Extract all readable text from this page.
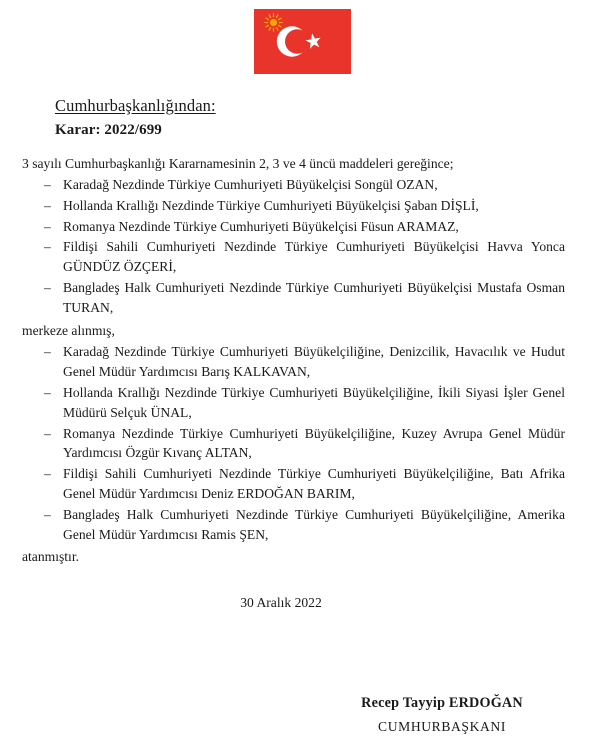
Cumhurbaşkanlığından:
Karar: 2022/699
3 sayılı Cumhurbaşkanlığı Kararnamesinin 2, 3 ve 4 üncü maddeleri gereğince;
– Karadağ Nezdinde Türkiye Cumhuriyeti Büyükelçisi Songül OZAN,
– Hollanda Krallığı Nezdinde Türkiye Cumhuriyeti Büyükelçisi Şaban DİŞLİ,
– Romanya Nezdinde Türkiye Cumhuriyeti Büyükelçisi Füsun ARAMAZ,
– Fildişi Sahili Cumhuriyeti Nezdinde Türkiye Cumhuriyeti Büyükelçisi Havva Yonca GÜNDÜZ ÖZÇERİ,
– Bangladeş Halk Cumhuriyeti Nezdinde Türkiye Cumhuriyeti Büyükelçisi Mustafa Osman TURAN,
merkeze alınmış,
– Karadağ Nezdinde Türkiye Cumhuriyeti Büyükelçiliğine, Denizcilik, Havacılık ve Hudut Genel Müdür Yardımcısı Barış KALKAVAN,
– Hollanda Krallığı Nezdinde Türkiye Cumhuriyeti Büyükelçiliğine, İkili Siyasi İşler Genel Müdürü Selçuk ÜNAL,
– Romanya Nezdinde Türkiye Cumhuriyeti Büyükelçiliğine, Kuzey Avrupa Genel Müdür Yardımcısı Özgür Kıvanç ALTAN,
– Fildişi Sahili Cumhuriyeti Nezdinde Türkiye Cumhuriyeti Büyükelçiliğine, Batı Afrika Genel Müdür Yardımcısı Deniz ERDOĞAN BARIM,
– Bangladeş Halk Cumhuriyeti Nezdinde Türkiye Cumhuriyeti Büyükelçiliğine, Amerika Genel Müdür Yardımcısı Ramis ŞEN,
atanmıştır.
30 Aralık 2022
Recep Tayyip ERDOĞAN
CUMHURBAŞKANI
